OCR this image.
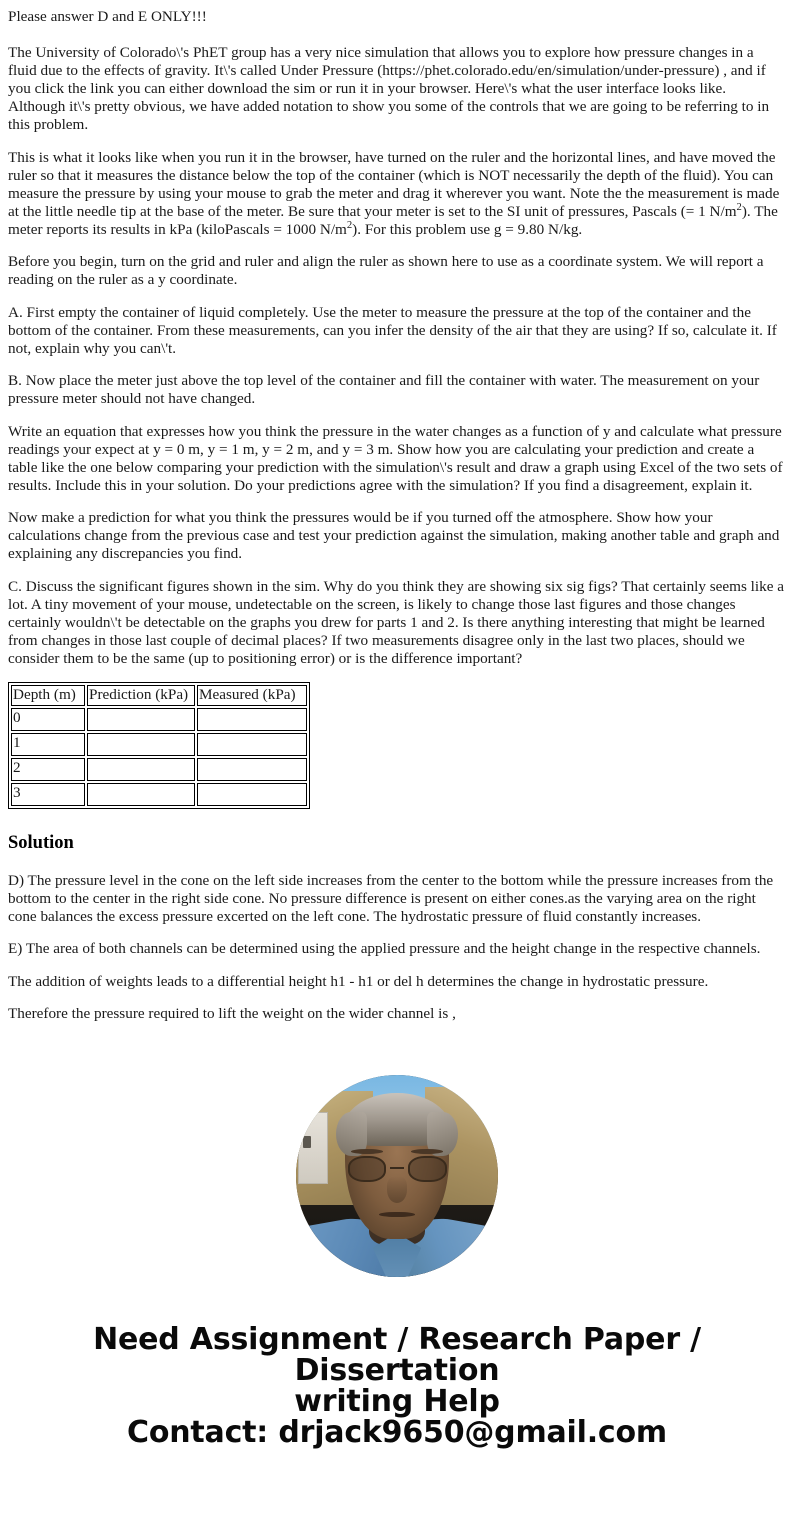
Please answer D and E ONLY!!!

The University of Colorado\'s PhET group has a very nice simulation that allows you to explore how pressure changes in a fluid due to the effects of gravity. It\'s called Under Pressure (https://phet.colorado.edu/en/simulation/under-pressure) , and if you click the link you can either download the sim or run it in your browser. Here\'s what the user interface looks like. Although it\'s pretty obvious, we have added notation to show you some of the controls that we are going to be referring to in this problem.

This is what it looks like when you run it in the browser, have turned on the ruler and the horizontal lines, and have moved the ruler so that it measures the distance below the top of the container (which is NOT necessarily the depth of the fluid). You can measure the pressure by using your mouse to grab the meter and drag it wherever you want. Note the the measurement is made at the little needle tip at the base of the meter. Be sure that your meter is set to the SI unit of pressures, Pascals (= 1 $N/m^2$). The meter reports its results in kPa (kiloPascals = 1000 $N/m^2$). For this problem use g = 9.80 N/kg.

Before you begin, turn on the grid and ruler and align the ruler as shown here to use as a coordinate system. We will report a reading on the ruler as a y coordinate.

A. First empty the container of liquid completely. Use the meter to measure the pressure at the top of the container and the bottom of the container. From these measurements, can you infer the density of the air that they are using? If so, calculate it. If not, explain why you can\'t.

B. Now place the meter just above the top level of the container and fill the container with water. The measurement on your pressure meter should not have changed.

Write an equation that expresses how you think the pressure in the water changes as a function of y and calculate what pressure readings your expect at y = 0 m, y = 1 m, y = 2 m, and y = 3 m. Show how you are calculating your prediction and create a table like the one below comparing your prediction with the simulation\'s result and draw a graph using Excel of the two sets of results. Include this in your solution. Do your predictions agree with the simulation? If you find a disagreement, explain it.

Now make a prediction for what you think the pressures would be if you turned off the atmosphere. Show how your calculations change from the previous case and test your prediction against the simulation, making another table and graph and explaining any discrepancies you find.

C. Discuss the significant figures shown in the sim. Why do you think they are showing six sig figs? That certainly seems like a lot. A tiny movement of your mouse, undetectable on the screen, is likely to change those last figures and those changes certainly wouldn\'t be detectable on the graphs you drew for parts 1 and 2. Is there anything interesting that might be learned from changes in those last couple of decimal places? If two measurements disagree only in the last two places, should we consider them to be the same (up to positioning error) or is the difference important?

Depth (m)	Prediction (kPa)	Measured (kPa)
0		
1		
2		
3		
Solution

D) The pressure level in the cone on the left side increases from the center to the bottom while the pressure increases from the bottom to the center in the right side cone. No pressure difference is present on either cones.as the varying area on the right cone balances the excess pressure excerted on the left cone. The hydrostatic pressure of fluid constantly increases.

E) The area of both channels can be determined using the applied pressure and the height change in the respective channels.

The addition of weights leads to a differential height h1 - h1 or del h determines the change in hydrostatic pressure.

Therefore the pressure required to lift the weight on the wider channel is ,

Need Assignment / Research Paper / Dissertation
writing Help
Contact: drjack9650@gmail.com
